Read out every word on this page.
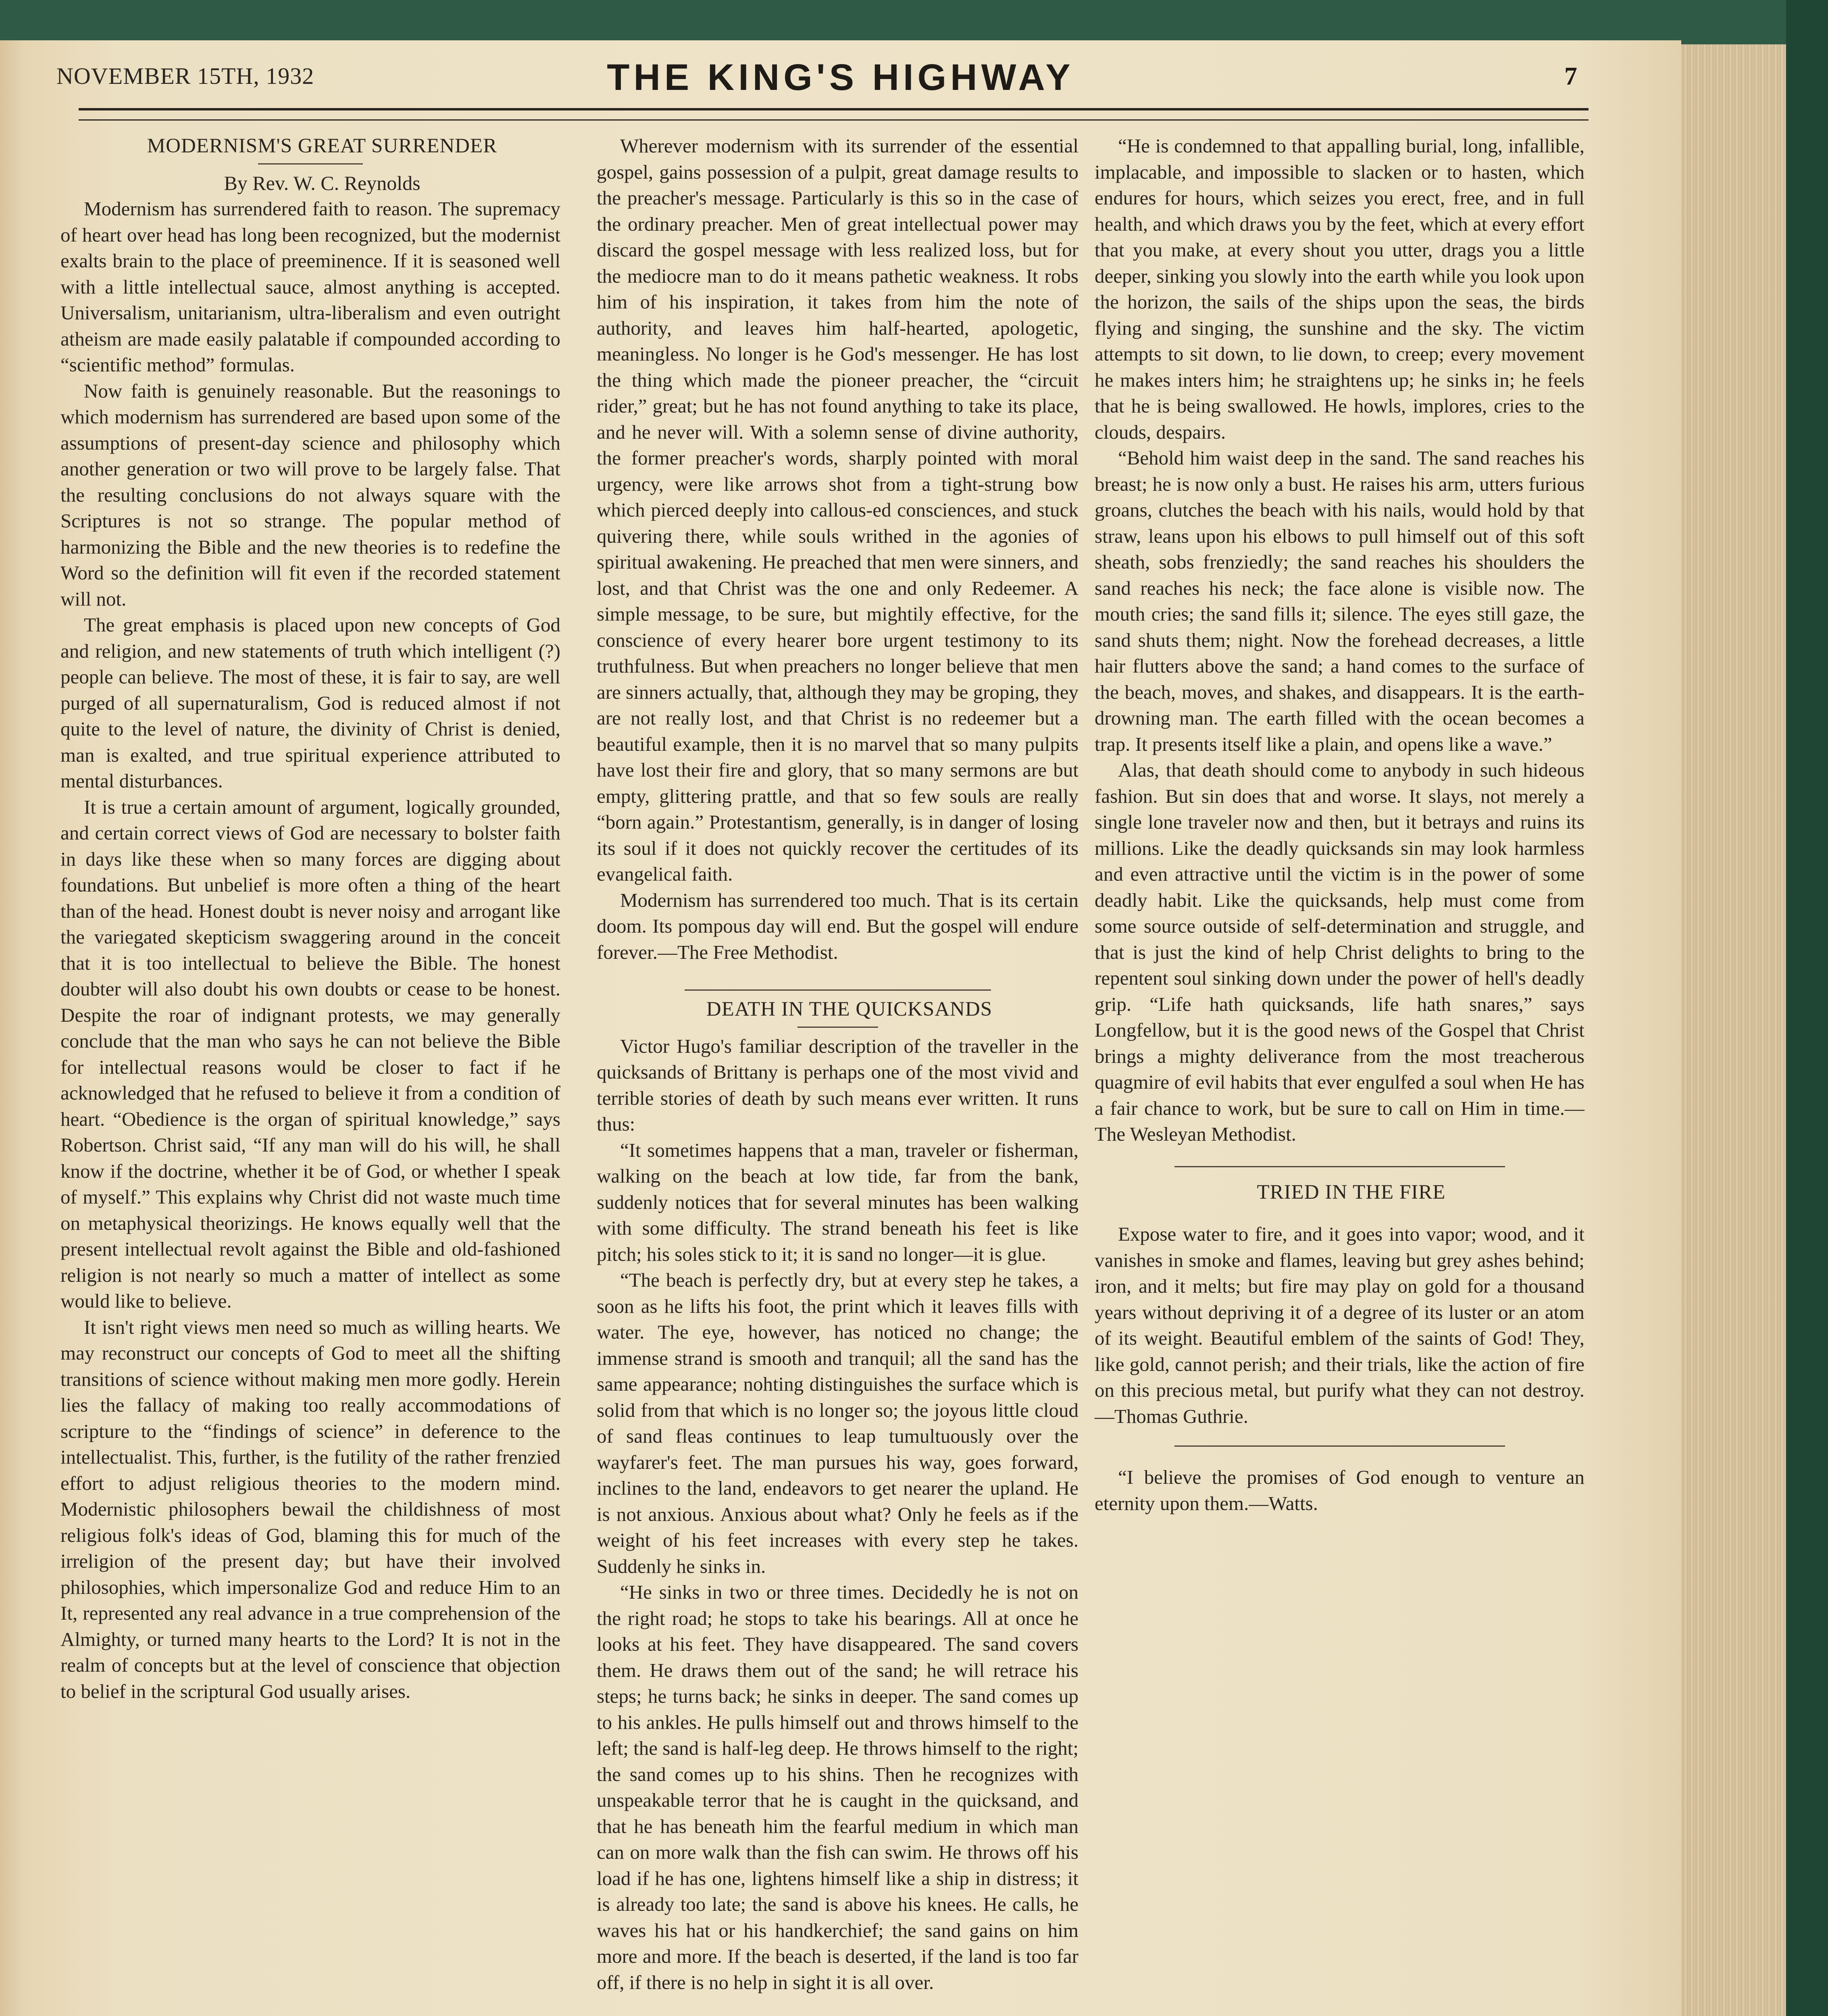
NOVEMBER 15TH, 1932	THE KING'S HIGHWAY	7

MODERNISM'S GREAT SURRENDER

By Rev. W. C. Reynolds

Modernism has surrendered faith to reason. The supremacy of heart over head has long been recognized, but the modernist exalts brain to the place of preeminence. If it is seasoned well with a little intellectual sauce, almost anything is accepted. Universalism, unitarianism, ultra-liberalism and even outright atheism are made easily palatable if compounded according to “scientific method” formulas.

Now faith is genuinely reasonable. But the reasonings to which modernism has surrendered are based upon some of the assumptions of present-day science and philosophy which another generation or two will prove to be largely false. That the resulting conclusions do not always square with the Scriptures is not so strange. The popular method of harmonizing the Bible and the new theories is to redefine the Word so the definition will fit even if the recorded statement will not.

The great emphasis is placed upon new concepts of God and religion, and new statements of truth which intelligent (?) people can believe. The most of these, it is fair to say, are well purged of all supernaturalism, God is reduced almost if not quite to the level of nature, the divinity of Christ is denied, man is exalted, and true spiritual experience attributed to mental disturbances.

It is true a certain amount of argument, logically grounded, and certain correct views of God are necessary to bolster faith in days like these when so many forces are digging about foundations. But unbelief is more often a thing of the heart than of the head. Honest doubt is never noisy and arrogant like the variegated skepticism swaggering around in the conceit that it is too intellectual to believe the Bible. The honest doubter will also doubt his own doubts or cease to be honest. Despite the roar of indignant protests, we may generally conclude that the man who says he can not believe the Bible for intellectual reasons would be closer to fact if he acknowledged that he refused to believe it from a condition of heart. “Obedience is the organ of spiritual knowledge,” says Robertson. Christ said, “If any man will do his will, he shall know if the doctrine, whether it be of God, or whether I speak of myself.” This explains why Christ did not waste much time on metaphysical theorizings. He knows equally well that the present intellectual revolt against the Bible and old-fashioned religion is not nearly so much a matter of intellect as some would like to believe.

It isn't right views men need so much as willing hearts. We may reconstruct our concepts of God to meet all the shifting transitions of science without making men more godly. Herein lies the fallacy of making too really accommodations of scripture to the “findings of science” in deference to the intellectualist. This, further, is the futility of the rather frenzied effort to adjust religious theories to the modern mind. Modernistic philosophers bewail the childishness of most religious folk's ideas of God, blaming this for much of the irreligion of the present day; but have their involved philosophies, which impersonalize God and reduce Him to an It, represented any real advance in a true comprehension of the Almighty, or turned many hearts to the Lord? It is not in the realm of concepts but at the level of conscience that objection to belief in the scriptural God usually arises.

Wherever modernism with its surrender of the essential gospel, gains possession of a pulpit, great damage results to the preacher's message. Particularly is this so in the case of the ordinary preacher. Men of great intellectual power may discard the gospel message with less realized loss, but for the mediocre man to do it means pathetic weakness. It robs him of his inspiration, it takes from him the note of authority, and leaves him half-hearted, apologetic, meaningless. No longer is he God's messenger. He has lost the thing which made the pioneer preacher, the “circuit rider,” great; but he has not found anything to take its place, and he never will. With a solemn sense of divine authority, the former preacher's words, sharply pointed with moral urgency, were like arrows shot from a tight-strung bow which pierced deeply into callous-ed consciences, and stuck quivering there, while souls writhed in the agonies of spiritual awakening. He preached that men were sinners, and lost, and that Christ was the one and only Redeemer. A simple message, to be sure, but mightily effective, for the conscience of every hearer bore urgent testimony to its truthfulness. But when preachers no longer believe that men are sinners actually, that, although they may be groping, they are not really lost, and that Christ is no redeemer but a beautiful example, then it is no marvel that so many pulpits have lost their fire and glory, that so many sermons are but empty, glittering prattle, and that so few souls are really “born again.” Protestantism, generally, is in danger of losing its soul if it does not quickly recover the certitudes of its evangelical faith.

Modernism has surrendered too much. That is its certain doom. Its pompous day will end. But the gospel will endure forever.—The Free Methodist.

DEATH IN THE QUICKSANDS

Victor Hugo's familiar description of the traveller in the quicksands of Brittany is perhaps one of the most vivid and terrible stories of death by such means ever written. It runs thus:

“It sometimes happens that a man, traveler or fisherman, walking on the beach at low tide, far from the bank, suddenly notices that for several minutes has been walking with some difficulty. The strand beneath his feet is like pitch; his soles stick to it; it is sand no longer—it is glue.

“The beach is perfectly dry, but at every step he takes, a soon as he lifts his foot, the print which it leaves fills with water. The eye, however, has noticed no change; the immense strand is smooth and tranquil; all the sand has the same appearance; nohting distinguishes the surface which is solid from that which is no longer so; the joyous little cloud of sand fleas continues to leap tumultuously over the wayfarer's feet. The man pursues his way, goes forward, inclines to the land, endeavors to get nearer the upland. He is not anxious. Anxious about what? Only he feels as if the weight of his feet increases with every step he takes. Suddenly he sinks in.

“He sinks in two or three times. Decidedly he is not on the right road; he stops to take his bearings. All at once he looks at his feet. They have disappeared. The sand covers them. He draws them out of the sand; he will retrace his steps; he turns back; he sinks in deeper. The sand comes up to his ankles. He pulls himself out and throws himself to the left; the sand is half-leg deep. He throws himself to the right; the sand comes up to his shins. Then he recognizes with unspeakable terror that he is caught in the quicksand, and that he has beneath him the fearful medium in which man can on more walk than the fish can swim. He throws off his load if he has one, lightens himself like a ship in distress; it is already too late; the sand is above his knees. He calls, he waves his hat or his handkerchief; the sand gains on him more and more. If the beach is deserted, if the land is too far off, if there is no help in sight it is all over.

“He is condemned to that appalling burial, long, infallible, implacable, and impossible to slacken or to hasten, which endures for hours, which seizes you erect, free, and in full health, and which draws you by the feet, which at every effort that you make, at every shout you utter, drags you a little deeper, sinking you slowly into the earth while you look upon the horizon, the sails of the ships upon the seas, the birds flying and singing, the sunshine and the sky. The victim attempts to sit down, to lie down, to creep; every movement he makes inters him; he straightens up; he sinks in; he feels that he is being swallowed. He howls, implores, cries to the clouds, despairs.

“Behold him waist deep in the sand. The sand reaches his breast; he is now only a bust. He raises his arm, utters furious groans, clutches the beach with his nails, would hold by that straw, leans upon his elbows to pull himself out of this soft sheath, sobs frenziedly; the sand reaches his shoulders the sand reaches his neck; the face alone is visible now. The mouth cries; the sand fills it; silence. The eyes still gaze, the sand shuts them; night. Now the forehead decreases, a little hair flutters above the sand; a hand comes to the surface of the beach, moves, and shakes, and disappears. It is the earth-drowning man. The earth filled with the ocean becomes a trap. It presents itself like a plain, and opens like a wave.”

Alas, that death should come to anybody in such hideous fashion. But sin does that and worse. It slays, not merely a single lone traveler now and then, but it betrays and ruins its millions. Like the deadly quicksands sin may look harmless and even attractive until the victim is in the power of some deadly habit. Like the quicksands, help must come from some source outside of self-determination and struggle, and that is just the kind of help Christ delights to bring to the repentent soul sinking down under the power of hell's deadly grip. “Life hath quicksands, life hath snares,” says Longfellow, but it is the good news of the Gospel that Christ brings a mighty deliverance from the most treacherous quagmire of evil habits that ever engulfed a soul when He has a fair chance to work, but be sure to call on Him in time.—The Wesleyan Methodist.

TRIED IN THE FIRE

Expose water to fire, and it goes into vapor; wood, and it vanishes in smoke and flames, leaving but grey ashes behind; iron, and it melts; but fire may play on gold for a thousand years without depriving it of a degree of its luster or an atom of its weight. Beautiful emblem of the saints of God! They, like gold, cannot perish; and their trials, like the action of fire on this precious metal, but purify what they can not destroy.—Thomas Guthrie.

“I believe the promises of God enough to venture an eternity upon them.—Watts.
